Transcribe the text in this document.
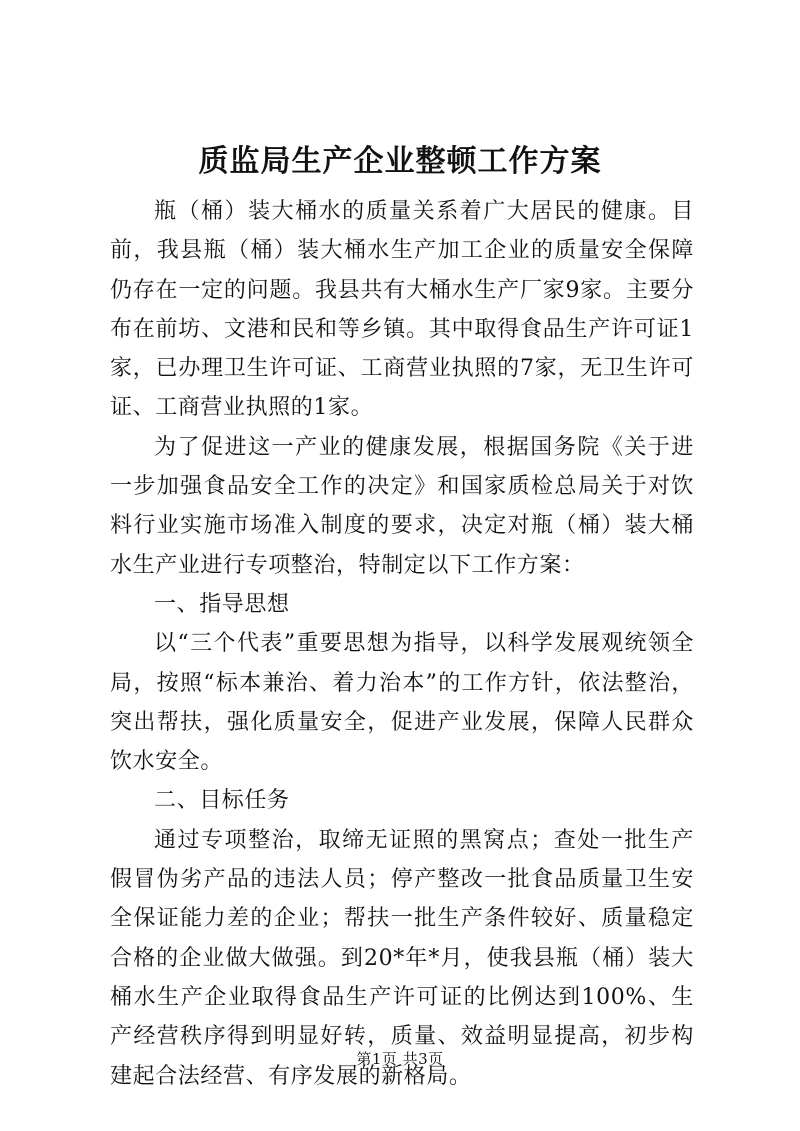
质监局生产企业整顿工作方案

瓶（桶）装大桶水的质量关系着广大居民的健康。目前，我县瓶（桶）装大桶水生产加工企业的质量安全保障仍存在一定的问题。我县共有大桶水生产厂家9家。主要分布在前坊、文港和民和等乡镇。其中取得食品生产许可证1家，已办理卫生许可证、工商营业执照的7家，无卫生许可证、工商营业执照的1家。

为了促进这一产业的健康发展，根据国务院《关于进一步加强食品安全工作的决定》和国家质检总局关于对饮料行业实施市场准入制度的要求，决定对瓶（桶）装大桶水生产业进行专项整治，特制定以下工作方案：

一、指导思想

以“三个代表”重要思想为指导，以科学发展观统领全局，按照“标本兼治、着力治本”的工作方针，依法整治，突出帮扶，强化质量安全，促进产业发展，保障人民群众饮水安全。

二、目标任务

通过专项整治，取缔无证照的黑窝点；查处一批生产假冒伪劣产品的违法人员；停产整改一批食品质量卫生安全保证能力差的企业；帮扶一批生产条件较好、质量稳定合格的企业做大做强。到20*年*月，使我县瓶（桶）装大桶水生产企业取得食品生产许可证的比例达到100%、生产经营秩序得到明显好转，质量、效益明显提高，初步构建起合法经营、有序发展的新格局。

第1页 共3页
